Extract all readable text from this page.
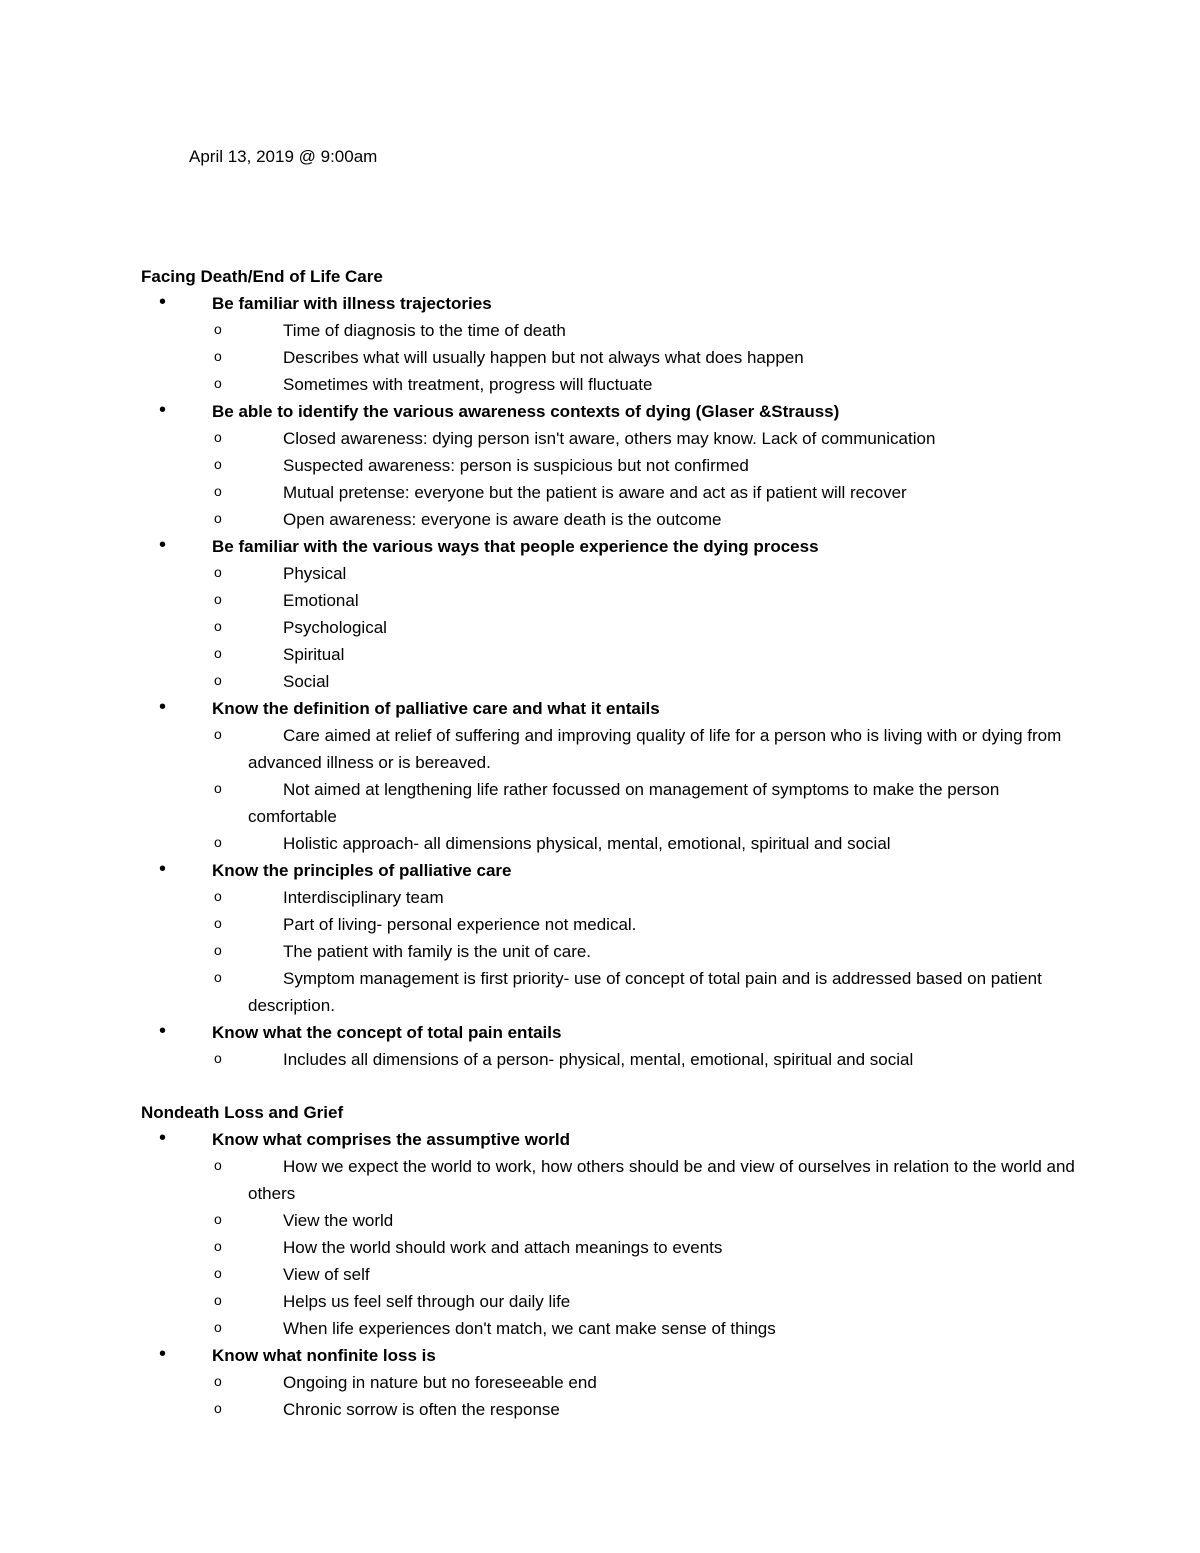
April 13, 2019 @ 9:00am
Facing Death/End of Life Care
•	Be familiar with illness trajectories
o	Time of diagnosis to the time of death
o	Describes what will usually happen but not always what does happen
o	Sometimes with treatment, progress will fluctuate
•	Be able to identify the various awareness contexts of dying (Glaser &Strauss)
o	Closed awareness: dying person isn't aware, others may know. Lack of communication
o	Suspected awareness: person is suspicious but not confirmed
o	Mutual pretense: everyone but the patient is aware and act as if patient will recover
o	Open awareness: everyone is aware death is the outcome
•	Be familiar with the various ways that people experience the dying process
o	Physical
o	Emotional
o	Psychological
o	Spiritual
o	Social
•	Know the definition of palliative care and what it entails
o	Care aimed at relief of suffering and improving quality of life for a person who is living with or dying from advanced illness or is bereaved.
o	Not aimed at lengthening life rather focussed on management of symptoms to make the person comfortable
o	Holistic approach- all dimensions physical, mental, emotional, spiritual and social
•	Know the principles of palliative care
o	Interdisciplinary team
o	Part of living- personal experience not medical.
o	The patient with family is the unit of care.
o	Symptom management is first priority- use of concept of total pain and is addressed based on patient description.
•	Know what the concept of total pain entails
o	Includes all dimensions of a person- physical, mental, emotional, spiritual and social
Nondeath Loss and Grief
•	Know what comprises the assumptive world
o	How we expect the world to work, how others should be and view of ourselves in relation to the world and others
o	View the world
o	How the world should work and attach meanings to events
o	View of self
o	Helps us feel self through our daily life
o	When life experiences don't match, we cant make sense of things
•	Know what nonfinite loss is
o	Ongoing in nature but no foreseeable end
o	Chronic sorrow is often the response
